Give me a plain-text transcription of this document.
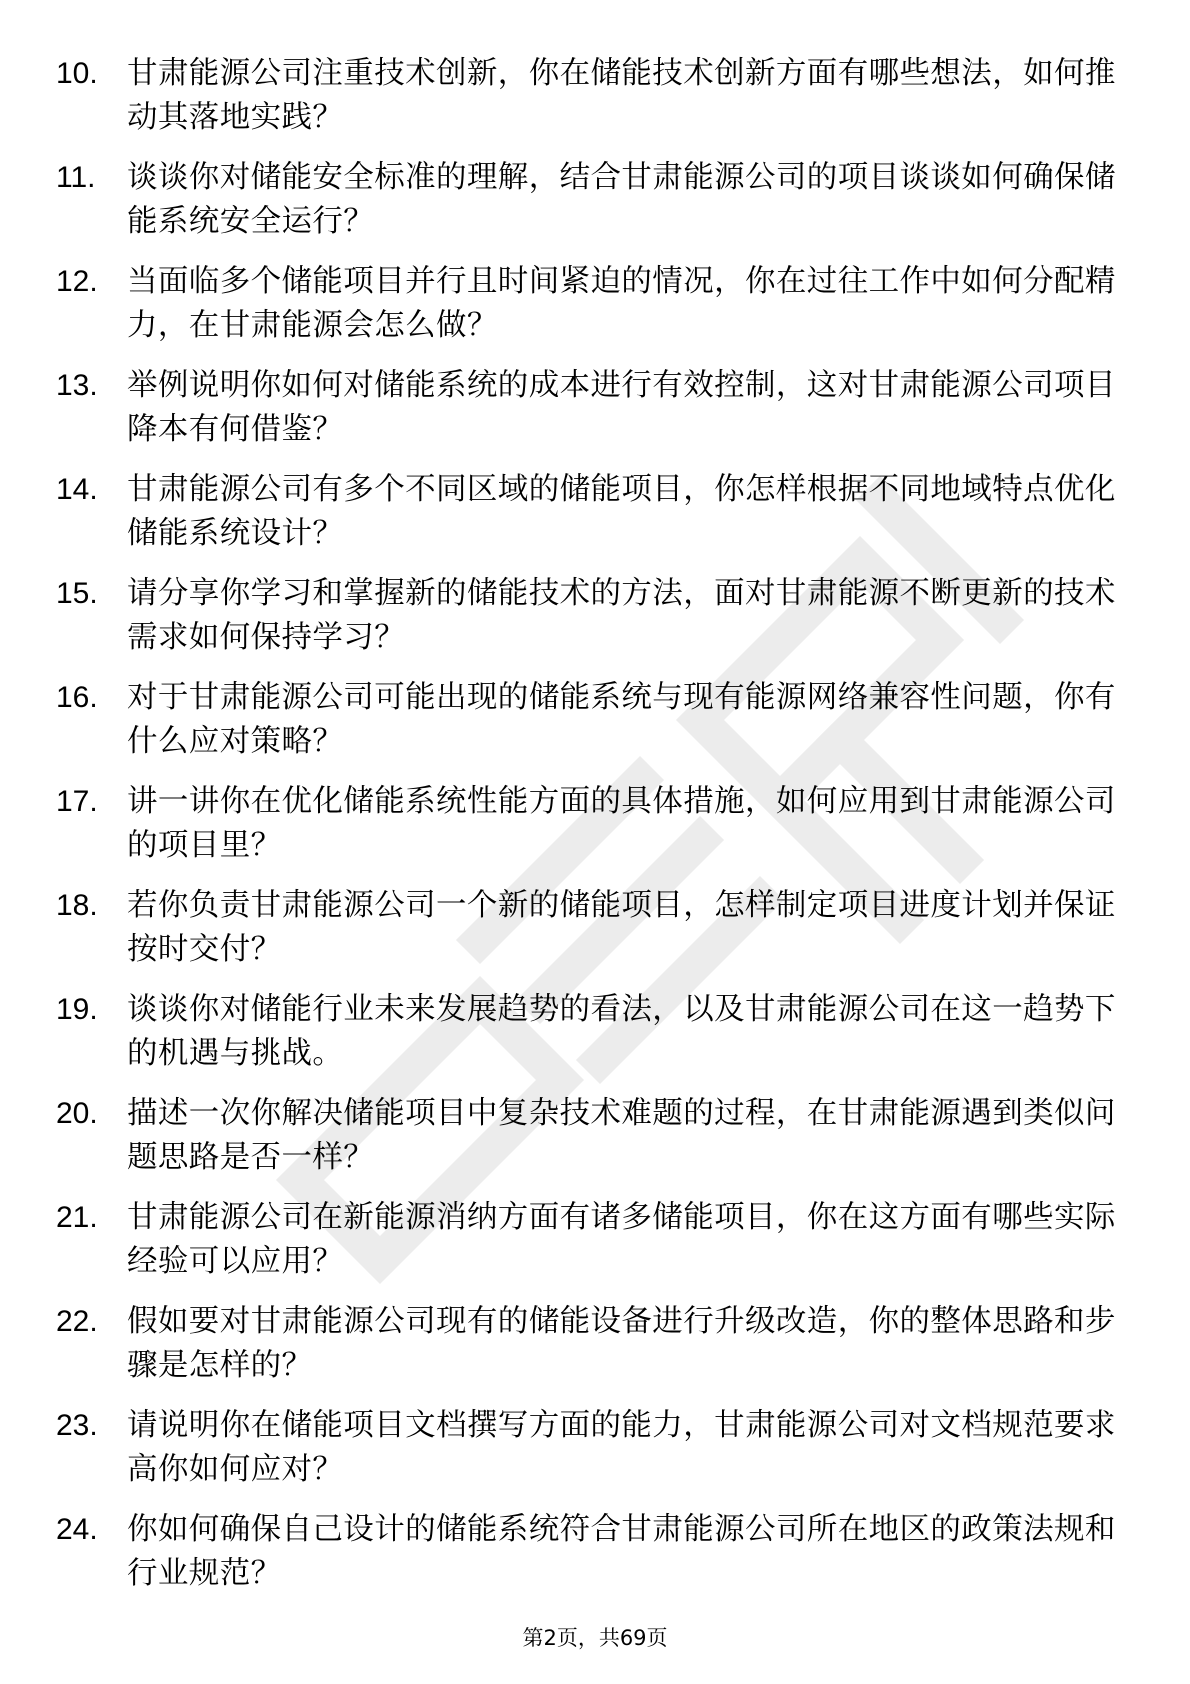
10. 甘肃能源公司注重技术创新，你在储能技术创新方面有哪些想法，如何推动其落地实践？
11. 谈谈你对储能安全标准的理解，结合甘肃能源公司的项目谈谈如何确保储能系统安全运行？
12. 当面临多个储能项目并行且时间紧迫的情况，你在过往工作中如何分配精力，在甘肃能源会怎么做？
13. 举例说明你如何对储能系统的成本进行有效控制，这对甘肃能源公司项目降本有何借鉴？
14. 甘肃能源公司有多个不同区域的储能项目，你怎样根据不同地域特点优化储能系统设计？
15. 请分享你学习和掌握新的储能技术的方法，面对甘肃能源不断更新的技术需求如何保持学习？
16. 对于甘肃能源公司可能出现的储能系统与现有能源网络兼容性问题，你有什么应对策略？
17. 讲一讲你在优化储能系统性能方面的具体措施，如何应用到甘肃能源公司的项目里？
18. 若你负责甘肃能源公司一个新的储能项目，怎样制定项目进度计划并保证按时交付？
19. 谈谈你对储能行业未来发展趋势的看法，以及甘肃能源公司在这一趋势下的机遇与挑战。
20. 描述一次你解决储能项目中复杂技术难题的过程，在甘肃能源遇到类似问题思路是否一样？
21. 甘肃能源公司在新能源消纳方面有诸多储能项目，你在这方面有哪些实际经验可以应用？
22. 假如要对甘肃能源公司现有的储能设备进行升级改造，你的整体思路和步骤是怎样的？
23. 请说明你在储能项目文档撰写方面的能力，甘肃能源公司对文档规范要求高你如何应对？
24. 你如何确保自己设计的储能系统符合甘肃能源公司所在地区的政策法规和行业规范？
第2页，共69页
